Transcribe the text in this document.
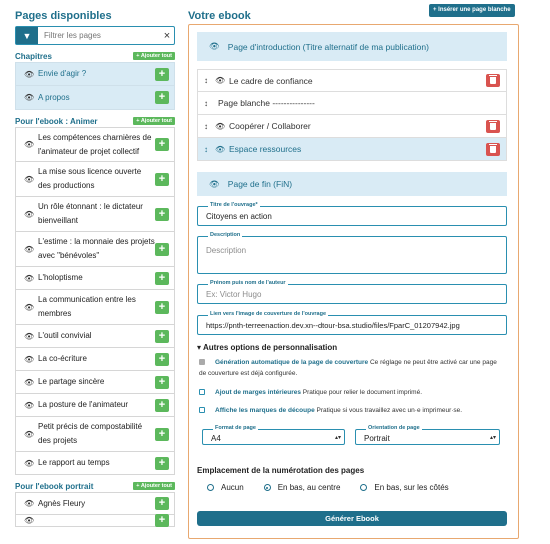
Pages disponibles
▼
Filtrer les pages	×
Chapitres	+ Ajouter tout
👁 Envie d'agir ?	+
👁 A propos	+
Pour l'ebook : Animer	+ Ajouter tout
👁
Les compétences charnières de l'animateur de projet collectif
+
👁
La mise sous licence ouverte des productions
+
👁
Un rôle étonnant : le dictateur bienveillant
+
👁
L'estime : la monnaie des projets avec "bénévoles"
+
👁 L'holoptisme	+
👁
La communication entre les membres
+
👁 L'outil convivial	+
👁 La co-écriture	+
👁 Le partage sincère	+
👁 La posture de l'animateur	+
👁
Petit précis de compostabilité des projets
+
👁 Le rapport au temps	+
Pour l'ebook portrait	+ Ajouter tout
👁 Agnès Fleury	+
👁	+
Votre ebook	+ Insérer une page blanche
👁 Page d'introduction (Titre alternatif de ma publication)
↕ 👁 Le cadre de confiance
↕	Page blanche ---------------
↕ 👁 Coopérer / Collaborer
↕ 👁 Espace ressources
👁 Page de fin (FiN)
Titre de l'ouvrage*
Citoyens en action
Description
Description
Prénom puis nom de l'auteur
Ex: Victor Hugo
Lien vers l'image de couverture de l'ouvrage
https://pnth-terreenaction.dev.xn--dtour-bsa.studio/files/FparC_01207942.jpg
▾ Autres options de personnalisation
Génération automatique de la page de couverture Ce réglage ne peut être activé car une page de couverture est déjà configurée.
Ajout de marges intérieures Pratique pour relier le document imprimé.
Affiche les marques de découpe Pratique si vous travaillez avec un·e imprimeur·se.
Format de page
A4	▴▾
Orientation de page
Portrait	▴▾
Emplacement de la numérotation des pages
Aucun	En bas, au centre	En bas, sur les côtés
Générer Ebook
